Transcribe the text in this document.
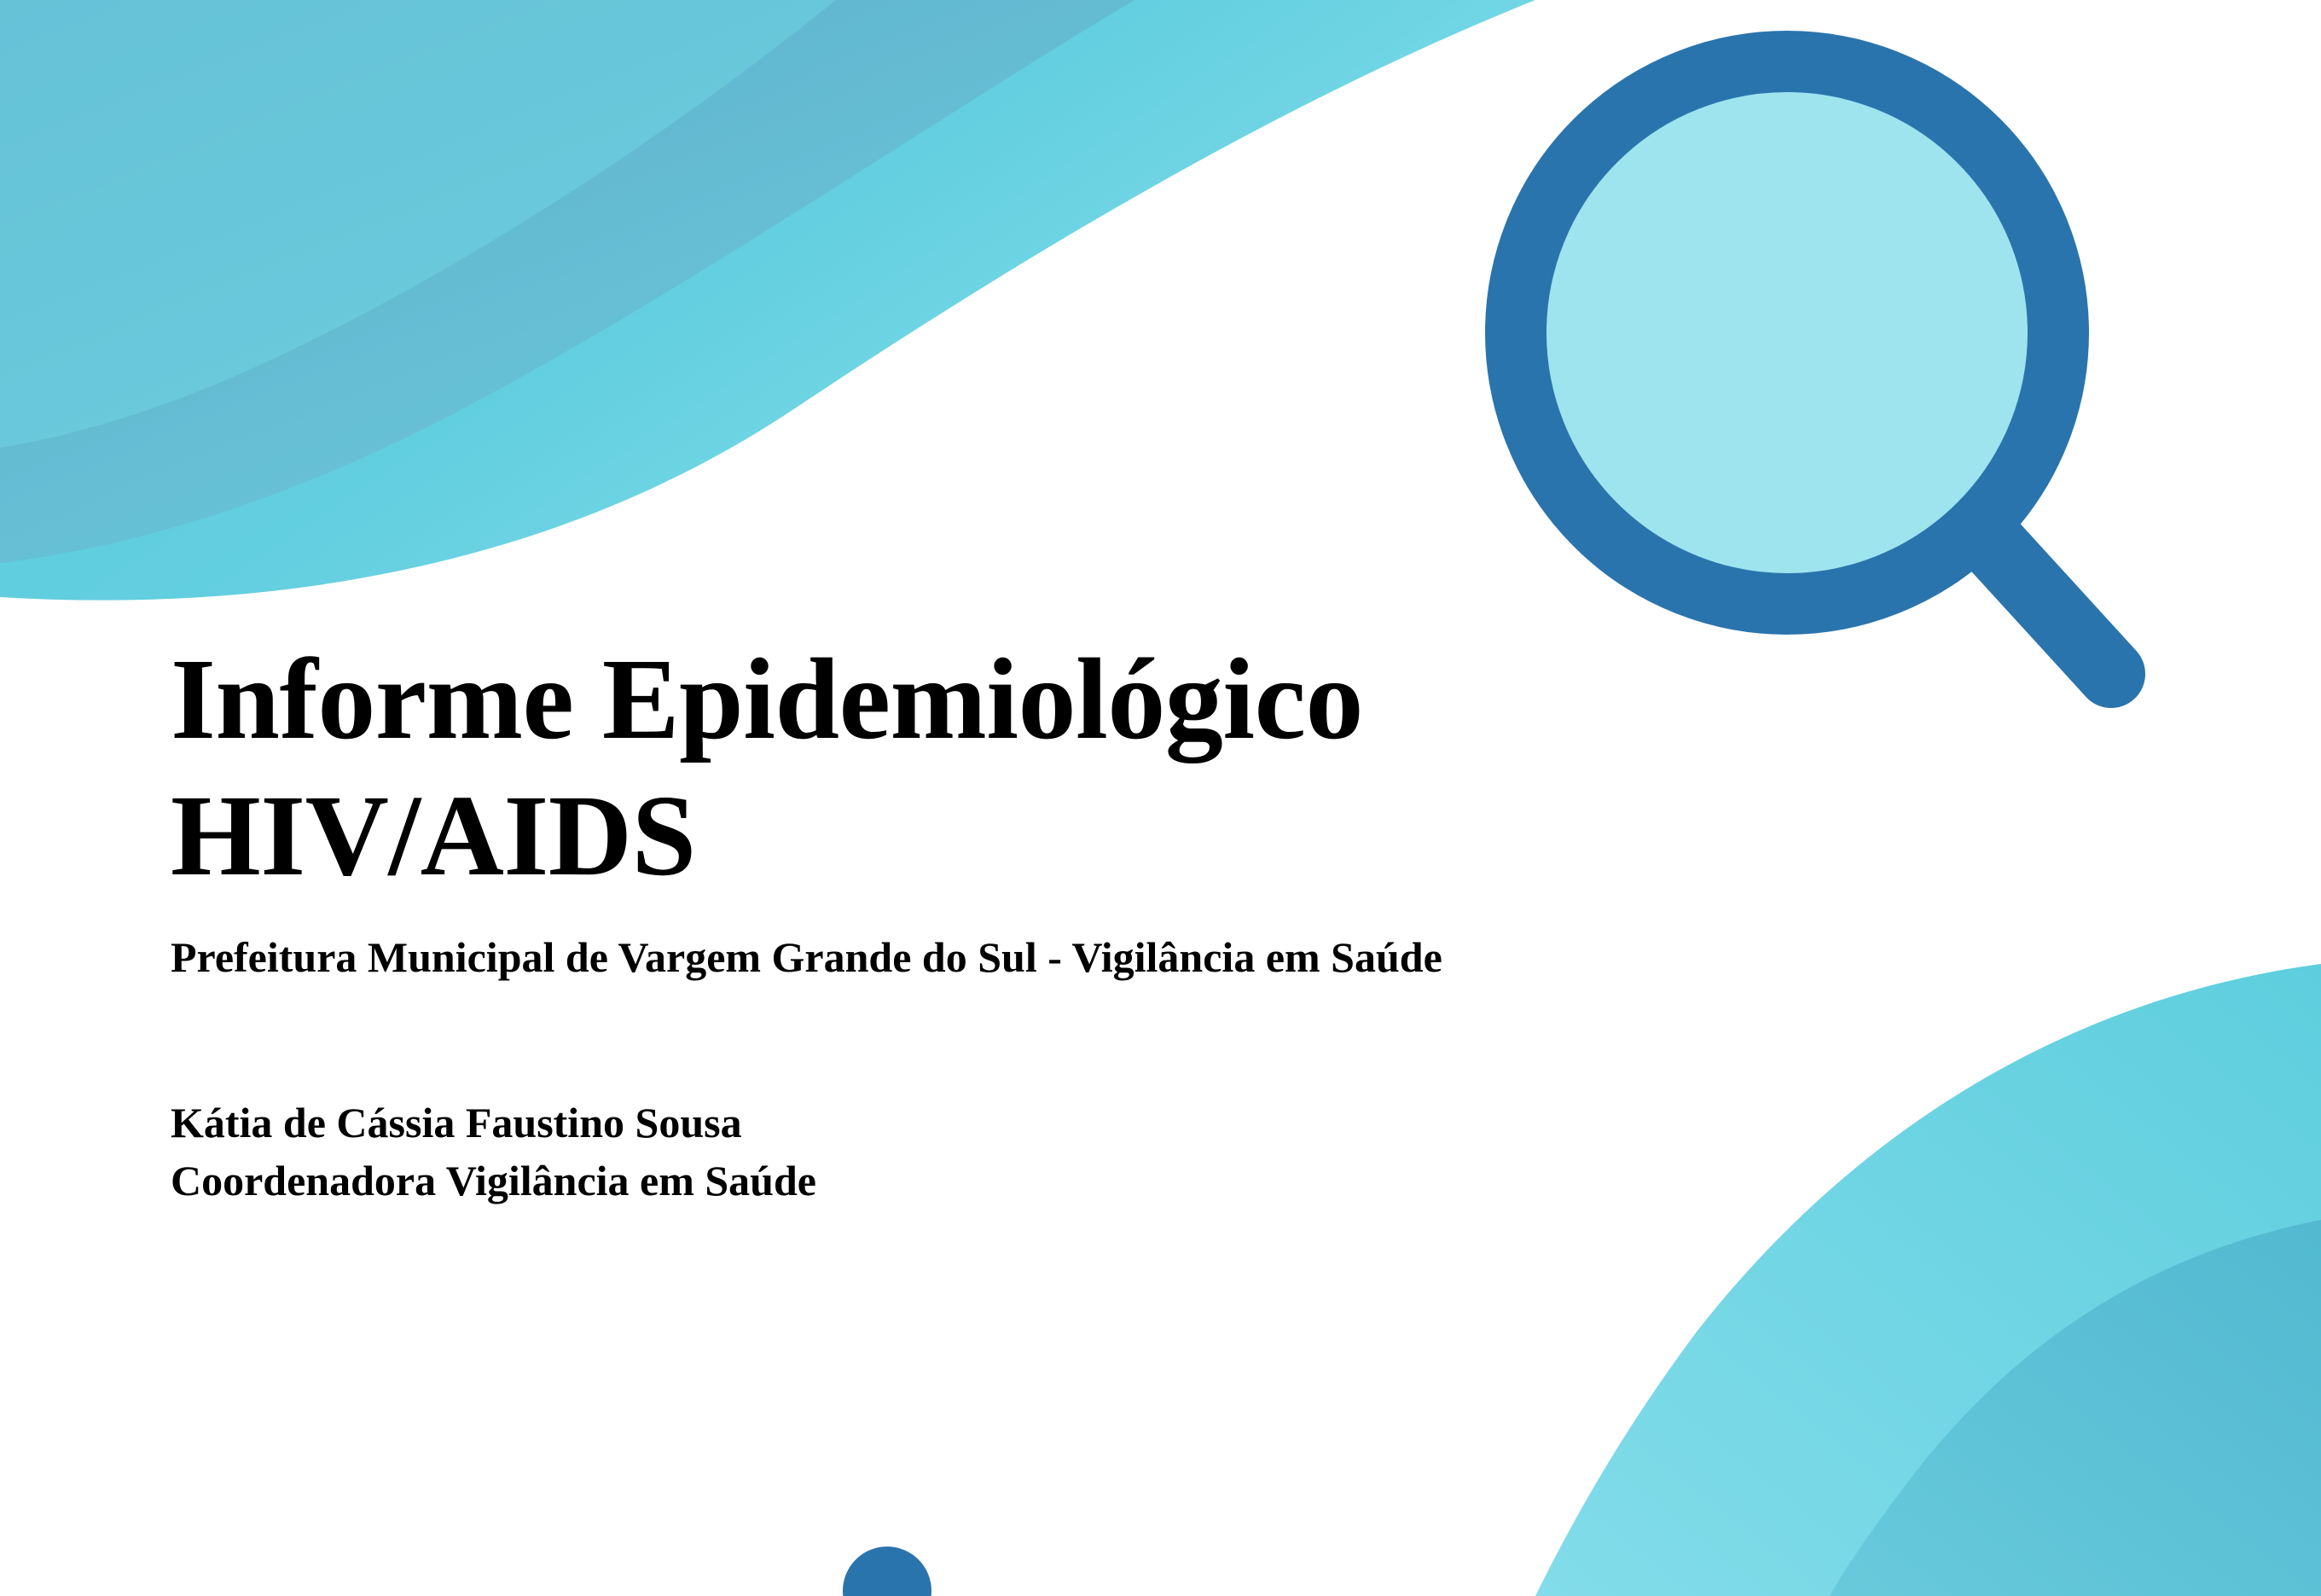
Informe Epidemiológico
HIV/AIDS

Prefeitura Municipal de Vargem Grande do Sul - Vigilância em Saúde

Kátia de Cássia Faustino Sousa

Coordenadora Vigilância em Saúde
